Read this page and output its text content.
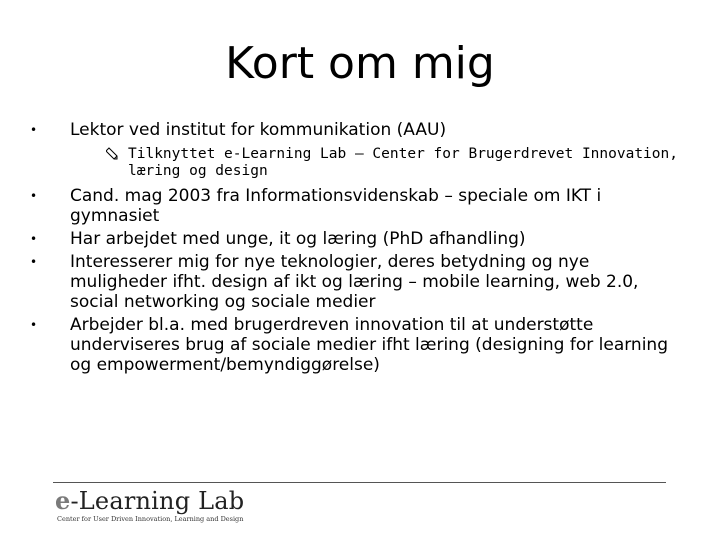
Kort om mig
•	Lektor ved institut for kommunikation (AAU)
Tilknyttet e-Learning Lab – Center for Brugerdrevet Innovation, læring og design
•	Cand. mag 2003 fra Informationsvidenskab – speciale om IKT i gymnasiet
•	Har arbejdet med unge, it og læring (PhD afhandling)
•	Interesserer mig for nye teknologier, deres betydning og nye muligheder ifht. design af ikt og læring – mobile learning, web 2.0, social networking og sociale medier
•	Arbejder bl.a. med brugerdreven innovation til at understøtte underviseres brug af sociale medier ifht læring (designing for learning og empowerment/bemyndiggørelse)
e-Learning Lab
Center for User Driven Innovation, Learning and Design
